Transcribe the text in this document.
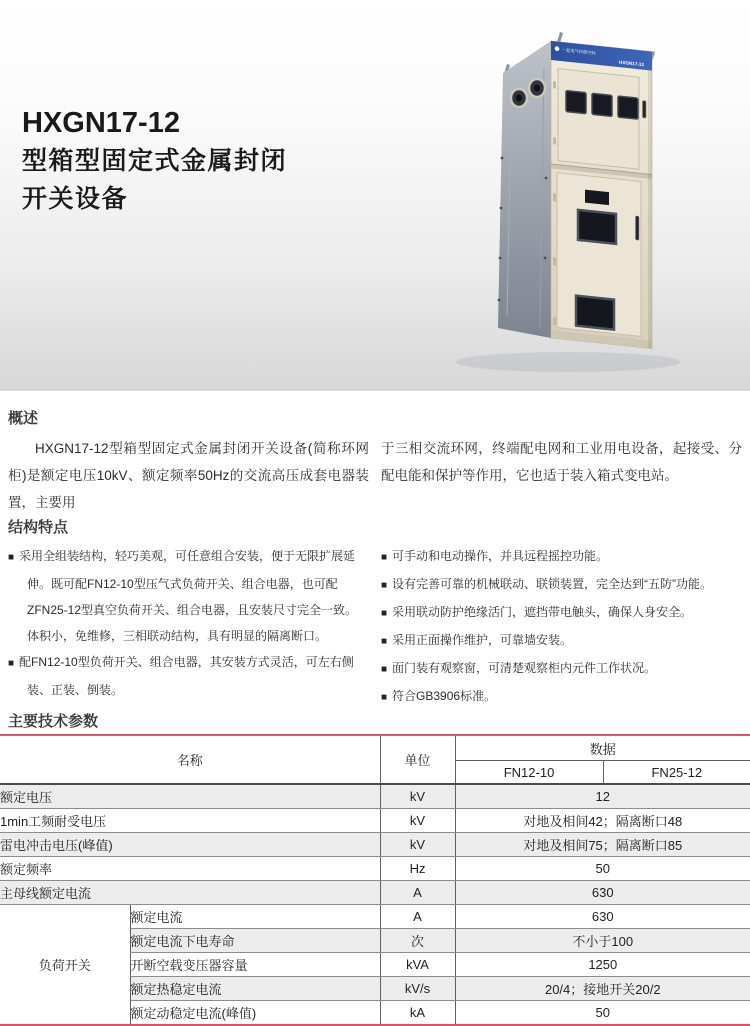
HXGN17-12
型箱型固定式金属封闭
开关设备
一起电气和谐空间
HXGN17-12
概述

HXGN17-12型箱型固定式金属封闭开关设备(简称环网柜)是额定电压10kV、额定频率50Hz的交流高压成套电器装置，主要用

于三相交流环网，终端配电网和工业用电设备，起接受、分配电能和保护等作用，它也适于装入箱式变电站。

结构特点
■ 采用全组装结构，轻巧美观，可任意组合安装，便于无限扩展延伸。既可配FN12-10型压气式负荷开关、组合电器，也可配ZFN25-12型真空负荷开关、组合电器，且安装尺寸完全一致。体积小，免维修，三相联动结构，具有明显的隔离断口。
■ 配FN12-10型负荷开关、组合电器，其安装方式灵活，可左右侧装、正装、倒装。
■ 可手动和电动操作，并具远程摇控功能。
■ 设有完善可靠的机械联动、联锁装置，完全达到“五防”功能。
■ 采用联动防护绝缘活门，遮挡带电触头，确保人身安全。
■ 采用正面操作维护，可靠墙安装。
■ 面门装有观察窗，可清楚观察柜内元件工作状况。
■ 符合GB3906标准。
主要技术参数
名称		单位	数据	
			FN12-10	FN25-12
额定电压		kV	12	
1min工频耐受电压		kV	对地及相间42；隔离断口48	
雷电冲击电压(峰值)		kV	对地及相间75；隔离断口85	
额定频率		Hz	50	
主母线额定电流		A	630	
负荷开关	额定电流	A	630	
	额定电流下电寿命	次	不小于100	
	开断空载变压器容量	kVA	1250	
	额定热稳定电流	kV/s	20/4；接地开关20/2	
	额定动稳定电流(峰值)	kA	50	
